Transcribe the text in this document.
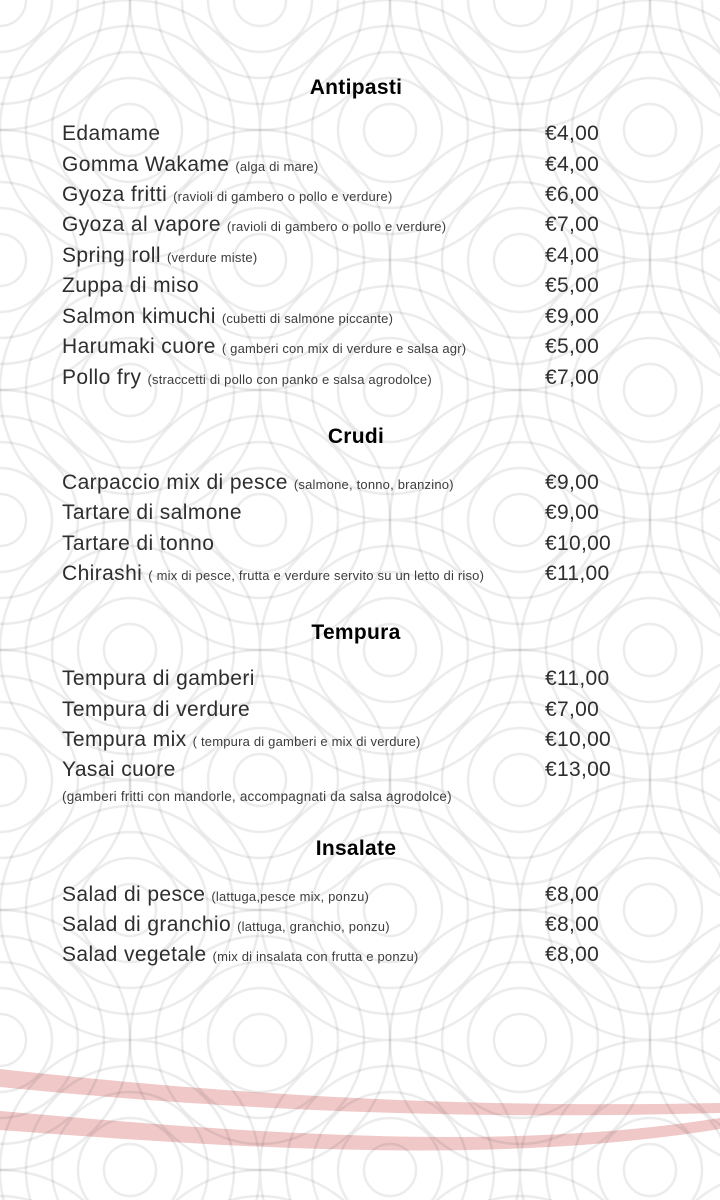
Antipasti
Edamame	€4,00
Gomma Wakame (alga di mare)	€4,00
Gyoza fritti (ravioli di gambero o pollo e verdure)	€6,00
Gyoza al vapore (ravioli di gambero o pollo e verdure)	€7,00
Spring roll (verdure miste)	€4,00
Zuppa di miso	€5,00
Salmon kimuchi (cubetti di salmone piccante)	€9,00
Harumaki cuore ( gamberi con mix di verdure e salsa agr)	€5,00
Pollo fry (straccetti di pollo con panko e salsa agrodolce)	€7,00
Crudi
Carpaccio mix di pesce (salmone, tonno, branzino)	€9,00
Tartare di salmone	€9,00
Tartare di tonno	€10,00
Chirashi ( mix di pesce, frutta e verdure servito su un letto di riso)	€11,00
Tempura
Tempura di gamberi	€11,00
Tempura di verdure	€7,00
Tempura mix ( tempura di gamberi e mix di verdure)	€10,00
Yasai cuore	€13,00
(gamberi fritti con mandorle, accompagnati da salsa agrodolce)
Insalate
Salad di pesce (lattuga,pesce mix, ponzu)	€8,00
Salad di granchio (lattuga, granchio, ponzu)	€8,00
Salad vegetale (mix di insalata con frutta e ponzu)	€8,00
